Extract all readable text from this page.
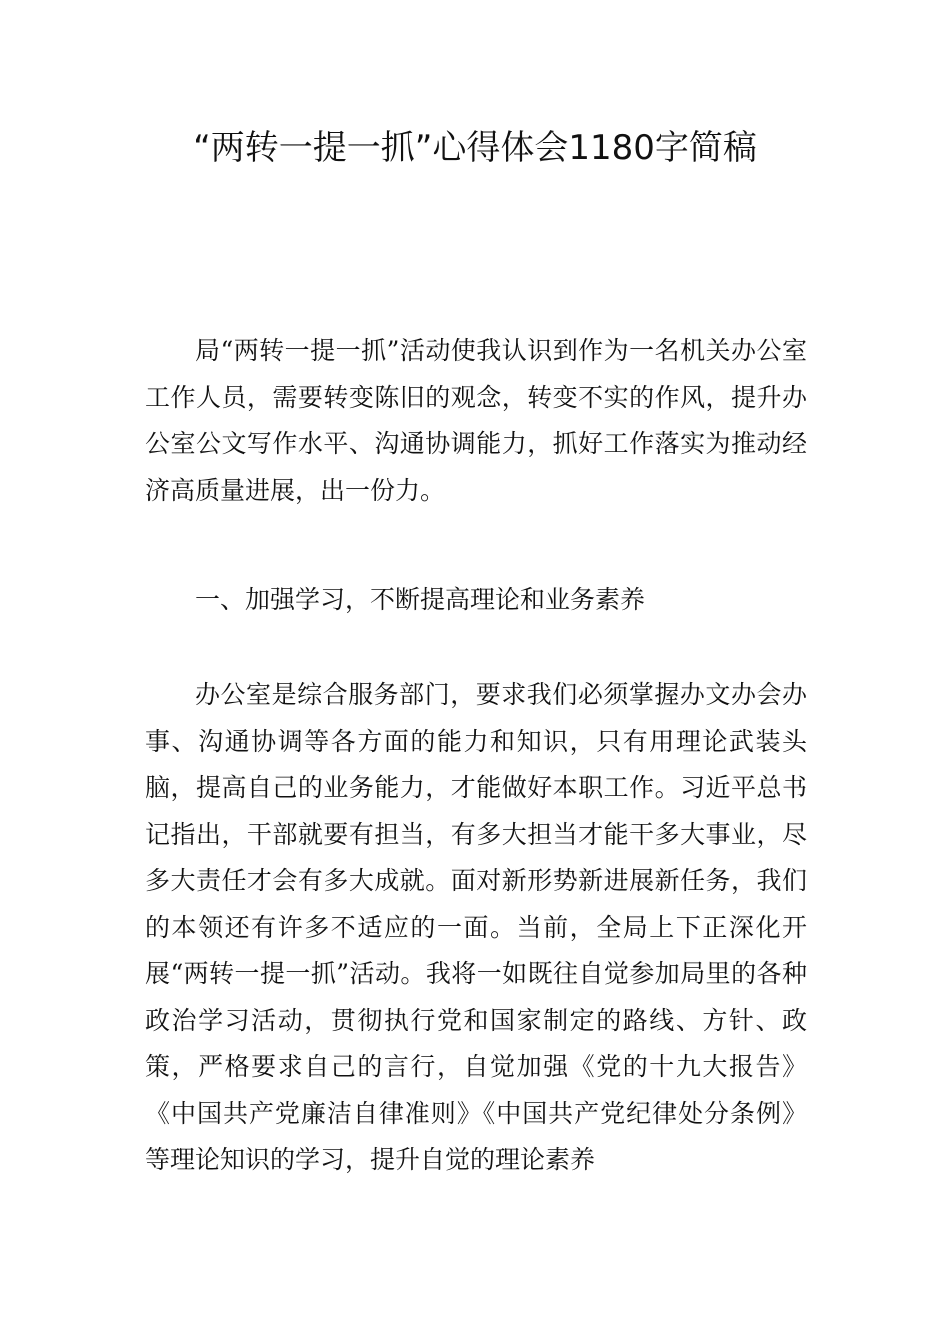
“两转一提一抓”心得体会1180字简稿

局“两转一提一抓”活动使我认识到作为一名机关办公室工作人员，需要转变陈旧的观念，转变不实的作风，提升办公室公文写作水平、沟通协调能力，抓好工作落实为推动经济高质量进展，出一份力。

一、加强学习，不断提高理论和业务素养

办公室是综合服务部门，要求我们必须掌握办文办会办事、沟通协调等各方面的能力和知识，只有用理论武装头脑，提高自己的业务能力，才能做好本职工作。习近平总书记指出，干部就要有担当，有多大担当才能干多大事业，尽多大责任才会有多大成就。面对新形势新进展新任务，我们的本领还有许多不适应的一面。当前，全局上下正深化开展“两转一提一抓”活动。我将一如既往自觉参加局里的各种政治学习活动，贯彻执行党和国家制定的路线、方针、政策，严格要求自己的言行，自觉加强《党的十九大报告》《中国共产党廉洁自律准则》《中国共产党纪律处分条例》等理论知识的学习，提升自觉的理论素养
